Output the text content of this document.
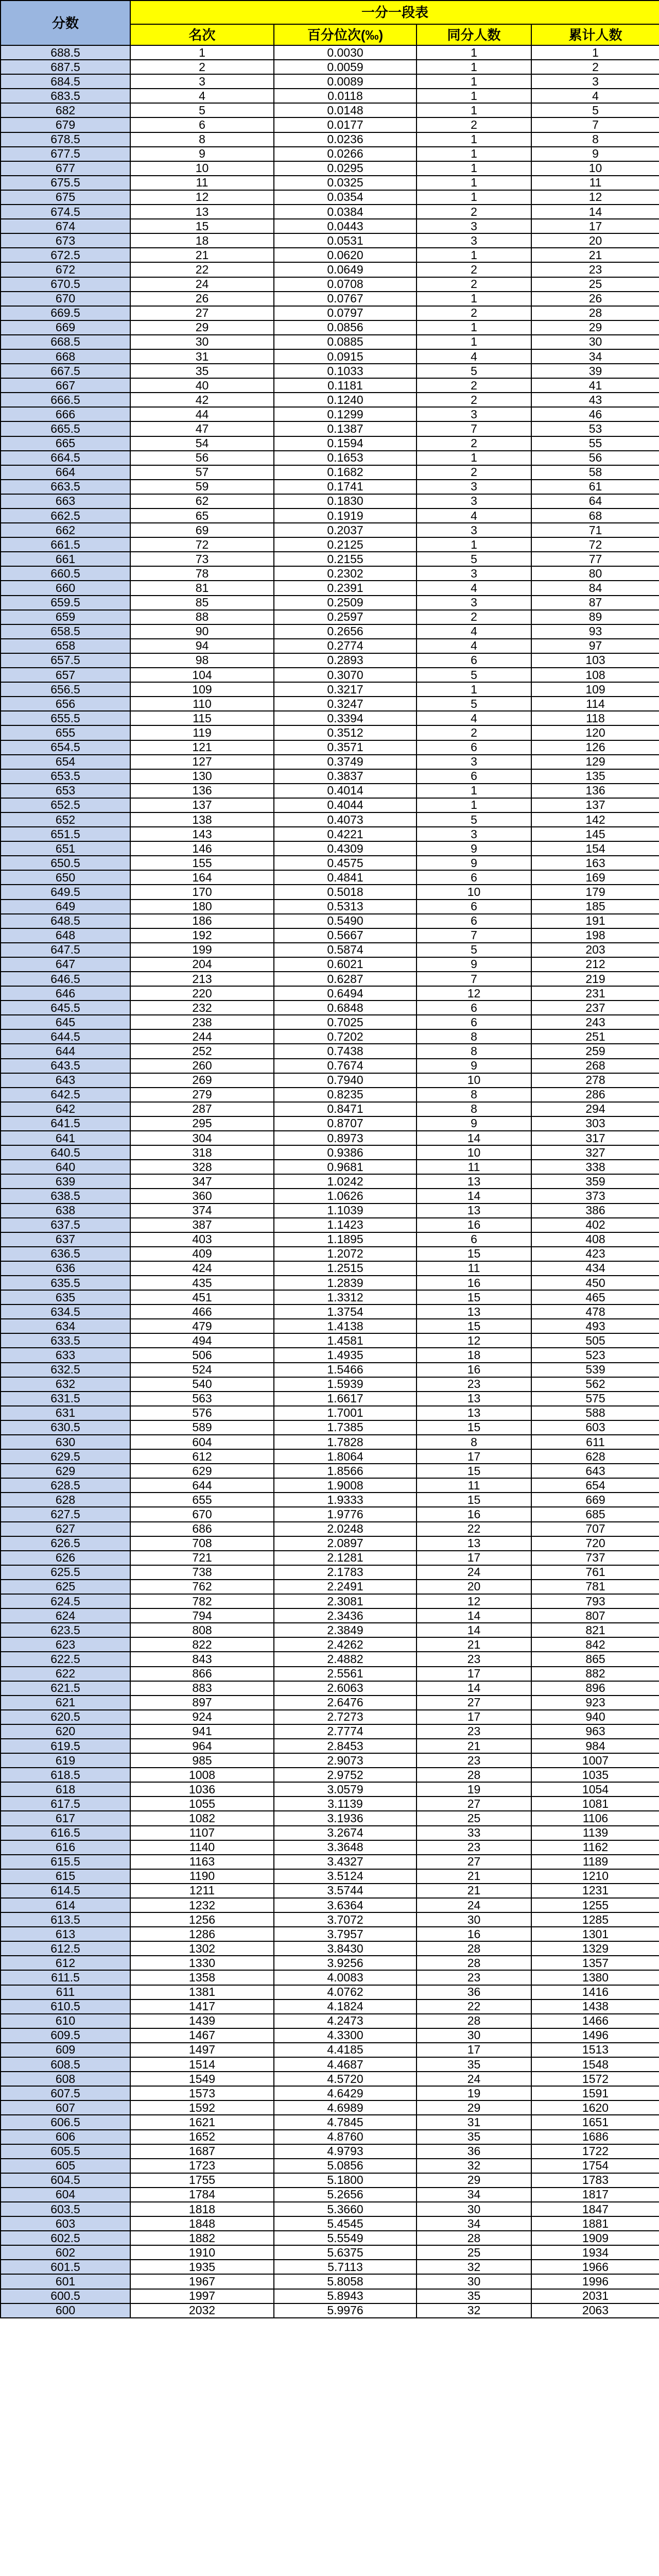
分数	一分一段表			
	名次	百分位次(‰)	同分人数	累计人数
688.5	1	0.0030	1	1
687.5	2	0.0059	1	2
684.5	3	0.0089	1	3
683.5	4	0.0118	1	4
682	5	0.0148	1	5
679	6	0.0177	2	7
678.5	8	0.0236	1	8
677.5	9	0.0266	1	9
677	10	0.0295	1	10
675.5	11	0.0325	1	11
675	12	0.0354	1	12
674.5	13	0.0384	2	14
674	15	0.0443	3	17
673	18	0.0531	3	20
672.5	21	0.0620	1	21
672	22	0.0649	2	23
670.5	24	0.0708	2	25
670	26	0.0767	1	26
669.5	27	0.0797	2	28
669	29	0.0856	1	29
668.5	30	0.0885	1	30
668	31	0.0915	4	34
667.5	35	0.1033	5	39
667	40	0.1181	2	41
666.5	42	0.1240	2	43
666	44	0.1299	3	46
665.5	47	0.1387	7	53
665	54	0.1594	2	55
664.5	56	0.1653	1	56
664	57	0.1682	2	58
663.5	59	0.1741	3	61
663	62	0.1830	3	64
662.5	65	0.1919	4	68
662	69	0.2037	3	71
661.5	72	0.2125	1	72
661	73	0.2155	5	77
660.5	78	0.2302	3	80
660	81	0.2391	4	84
659.5	85	0.2509	3	87
659	88	0.2597	2	89
658.5	90	0.2656	4	93
658	94	0.2774	4	97
657.5	98	0.2893	6	103
657	104	0.3070	5	108
656.5	109	0.3217	1	109
656	110	0.3247	5	114
655.5	115	0.3394	4	118
655	119	0.3512	2	120
654.5	121	0.3571	6	126
654	127	0.3749	3	129
653.5	130	0.3837	6	135
653	136	0.4014	1	136
652.5	137	0.4044	1	137
652	138	0.4073	5	142
651.5	143	0.4221	3	145
651	146	0.4309	9	154
650.5	155	0.4575	9	163
650	164	0.4841	6	169
649.5	170	0.5018	10	179
649	180	0.5313	6	185
648.5	186	0.5490	6	191
648	192	0.5667	7	198
647.5	199	0.5874	5	203
647	204	0.6021	9	212
646.5	213	0.6287	7	219
646	220	0.6494	12	231
645.5	232	0.6848	6	237
645	238	0.7025	6	243
644.5	244	0.7202	8	251
644	252	0.7438	8	259
643.5	260	0.7674	9	268
643	269	0.7940	10	278
642.5	279	0.8235	8	286
642	287	0.8471	8	294
641.5	295	0.8707	9	303
641	304	0.8973	14	317
640.5	318	0.9386	10	327
640	328	0.9681	11	338
639	347	1.0242	13	359
638.5	360	1.0626	14	373
638	374	1.1039	13	386
637.5	387	1.1423	16	402
637	403	1.1895	6	408
636.5	409	1.2072	15	423
636	424	1.2515	11	434
635.5	435	1.2839	16	450
635	451	1.3312	15	465
634.5	466	1.3754	13	478
634	479	1.4138	15	493
633.5	494	1.4581	12	505
633	506	1.4935	18	523
632.5	524	1.5466	16	539
632	540	1.5939	23	562
631.5	563	1.6617	13	575
631	576	1.7001	13	588
630.5	589	1.7385	15	603
630	604	1.7828	8	611
629.5	612	1.8064	17	628
629	629	1.8566	15	643
628.5	644	1.9008	11	654
628	655	1.9333	15	669
627.5	670	1.9776	16	685
627	686	2.0248	22	707
626.5	708	2.0897	13	720
626	721	2.1281	17	737
625.5	738	2.1783	24	761
625	762	2.2491	20	781
624.5	782	2.3081	12	793
624	794	2.3436	14	807
623.5	808	2.3849	14	821
623	822	2.4262	21	842
622.5	843	2.4882	23	865
622	866	2.5561	17	882
621.5	883	2.6063	14	896
621	897	2.6476	27	923
620.5	924	2.7273	17	940
620	941	2.7774	23	963
619.5	964	2.8453	21	984
619	985	2.9073	23	1007
618.5	1008	2.9752	28	1035
618	1036	3.0579	19	1054
617.5	1055	3.1139	27	1081
617	1082	3.1936	25	1106
616.5	1107	3.2674	33	1139
616	1140	3.3648	23	1162
615.5	1163	3.4327	27	1189
615	1190	3.5124	21	1210
614.5	1211	3.5744	21	1231
614	1232	3.6364	24	1255
613.5	1256	3.7072	30	1285
613	1286	3.7957	16	1301
612.5	1302	3.8430	28	1329
612	1330	3.9256	28	1357
611.5	1358	4.0083	23	1380
611	1381	4.0762	36	1416
610.5	1417	4.1824	22	1438
610	1439	4.2473	28	1466
609.5	1467	4.3300	30	1496
609	1497	4.4185	17	1513
608.5	1514	4.4687	35	1548
608	1549	4.5720	24	1572
607.5	1573	4.6429	19	1591
607	1592	4.6989	29	1620
606.5	1621	4.7845	31	1651
606	1652	4.8760	35	1686
605.5	1687	4.9793	36	1722
605	1723	5.0856	32	1754
604.5	1755	5.1800	29	1783
604	1784	5.2656	34	1817
603.5	1818	5.3660	30	1847
603	1848	5.4545	34	1881
602.5	1882	5.5549	28	1909
602	1910	5.6375	25	1934
601.5	1935	5.7113	32	1966
601	1967	5.8058	30	1996
600.5	1997	5.8943	35	2031
600	2032	5.9976	32	2063
